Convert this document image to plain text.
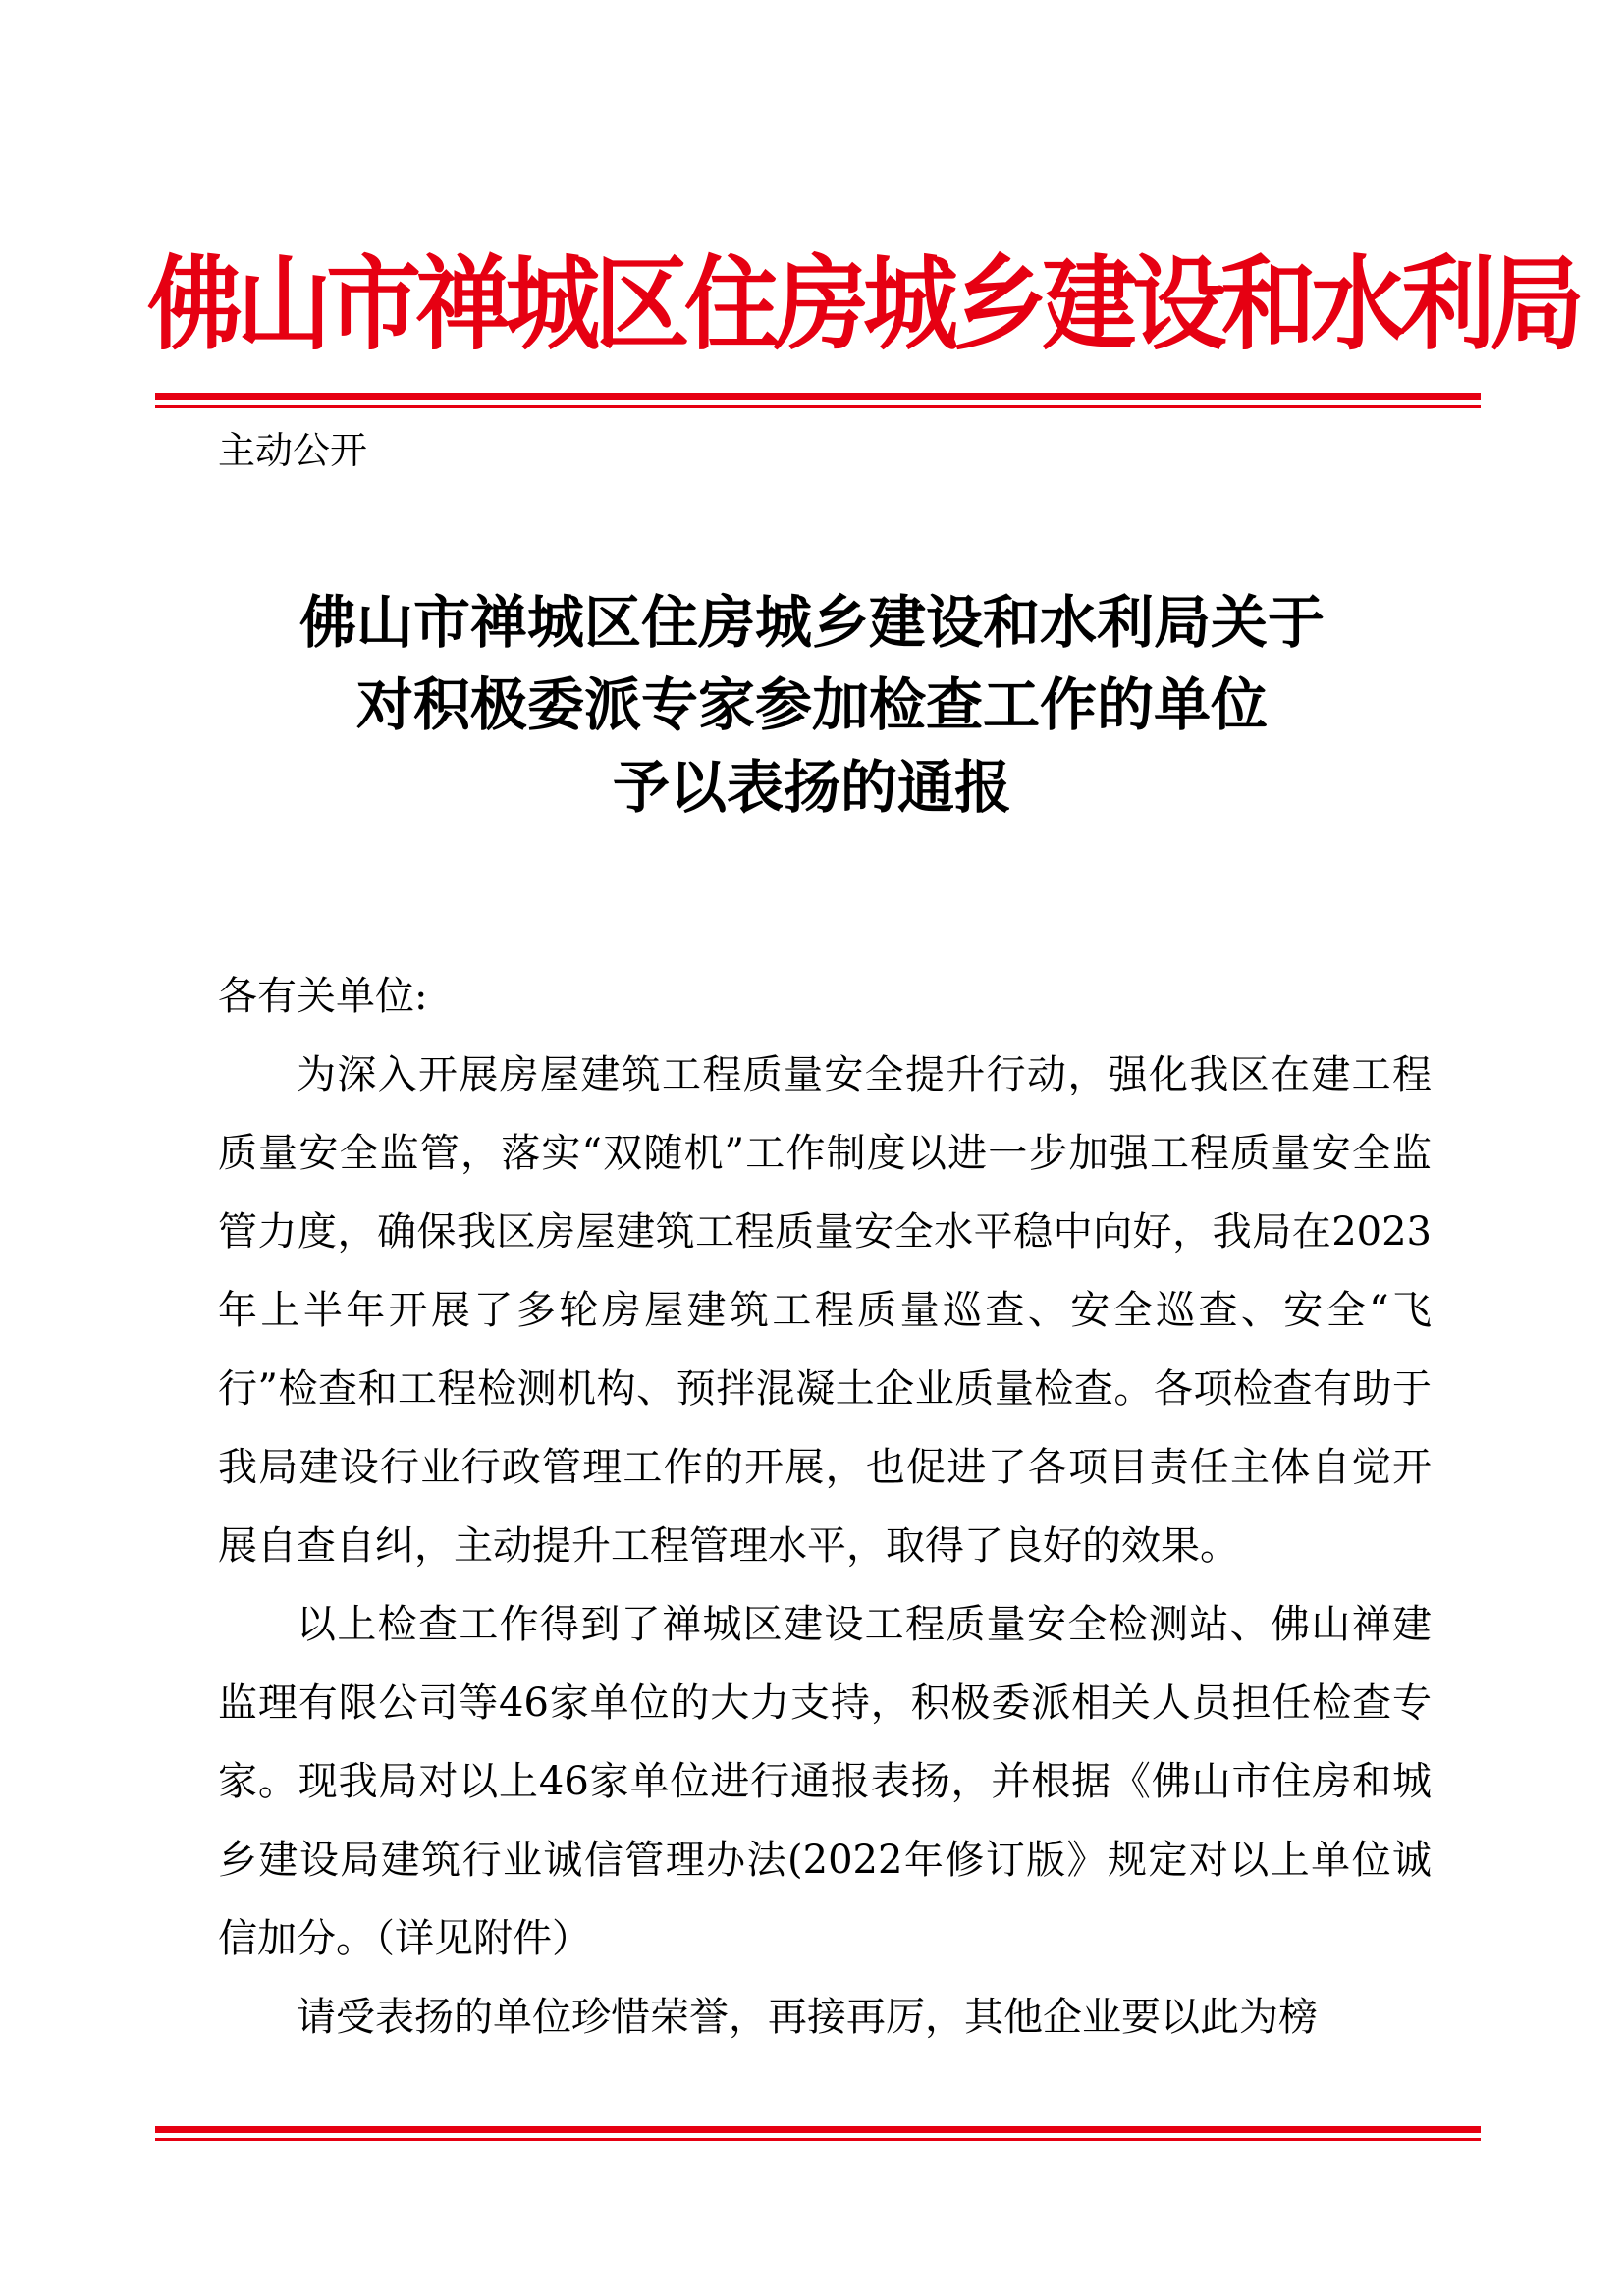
佛山市禅城区住房城乡建设和水利局
主动公开
佛山市禅城区住房城乡建设和水利局关于
对积极委派专家参加检查工作的单位
予以表扬的通报

各有关单位:

为深入开展房屋建筑工程质量安全提升行动，强化我区在建工程质量安全监管，落实“双随机”工作制度以进一步加强工程质量安全监管力度，确保我区房屋建筑工程质量安全水平稳中向好，我局在2023年上半年开展了多轮房屋建筑工程质量巡查、安全巡查、安全“飞行”检查和工程检测机构、预拌混凝土企业质量检查。各项检查有助于我局建设行业行政管理工作的开展，也促进了各项目责任主体自觉开展自查自纠，主动提升工程管理水平，取得了良好的效果。

以上检查工作得到了禅城区建设工程质量安全检测站、佛山禅建监理有限公司等46家单位的大力支持，积极委派相关人员担任检查专家。现我局对以上46家单位进行通报表扬，并根据《佛山市住房和城乡建设局建筑行业诚信管理办法(2022年修订版》规定对以上单位诚信加分。（详见附件）

请受表扬的单位珍惜荣誉，再接再厉，其他企业要以此为榜
